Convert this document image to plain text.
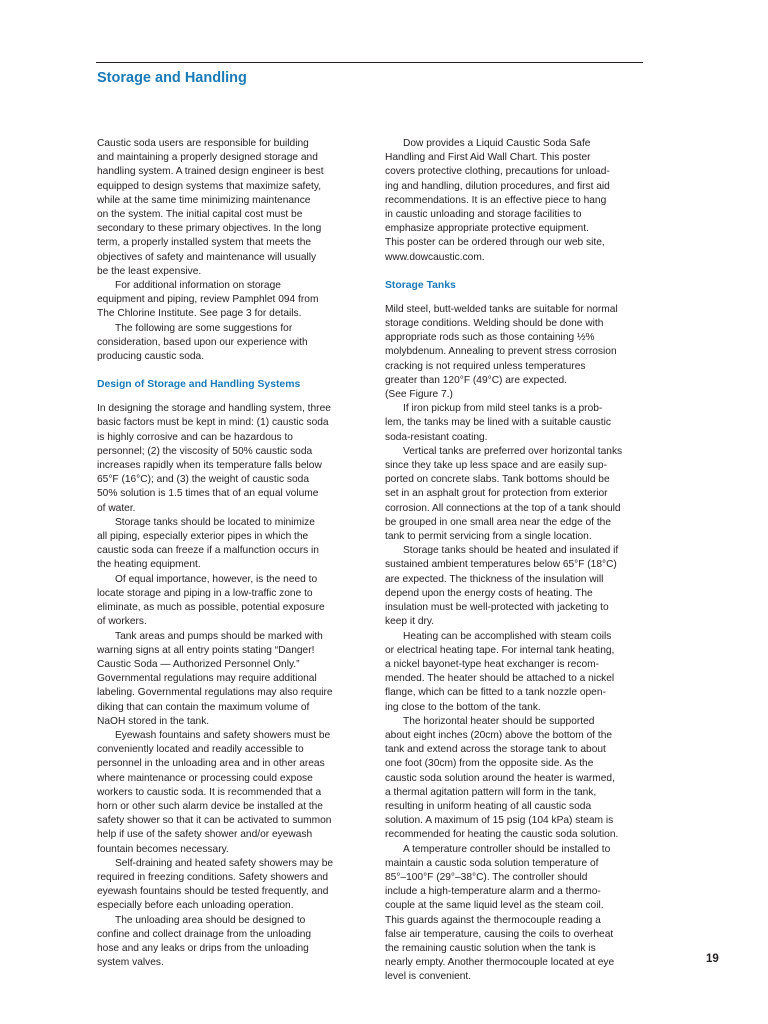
Storage and Handling

Caustic soda users are responsible for building
and maintaining a properly designed storage and
handling system. A trained design engineer is best
equipped to design systems that maximize safety,
while at the same time minimizing maintenance
on the system. The initial capital cost must be
secondary to these primary objectives. In the long
term, a properly installed system that meets the
objectives of safety and maintenance will usually
be the least expensive.

For additional information on storage
equipment and piping, review Pamphlet 094 from
The Chlorine Institute. See page 3 for details.

The following are some suggestions for
consideration, based upon our experience with
producing caustic soda.

Design of Storage and Handling Systems

In designing the storage and handling system, three
basic factors must be kept in mind: (1) caustic soda
is highly corrosive and can be hazardous to
personnel; (2) the viscosity of 50% caustic soda
increases rapidly when its temperature falls below
65°F (16°C); and (3) the weight of caustic soda
50% solution is 1.5 times that of an equal volume
of water.

Storage tanks should be located to minimize
all piping, especially exterior pipes in which the
caustic soda can freeze if a malfunction occurs in
the heating equipment.

Of equal importance, however, is the need to
locate storage and piping in a low-traffic zone to
eliminate, as much as possible, potential exposure
of workers.

Tank areas and pumps should be marked with
warning signs at all entry points stating “Danger!
Caustic Soda — Authorized Personnel Only.”
Governmental regulations may require additional
labeling. Governmental regulations may also require
diking that can contain the maximum volume of
NaOH stored in the tank.

Eyewash fountains and safety showers must be
conveniently located and readily accessible to
personnel in the unloading area and in other areas
where maintenance or processing could expose
workers to caustic soda. It is recommended that a
horn or other such alarm device be installed at the
safety shower so that it can be activated to summon
help if use of the safety shower and/or eyewash
fountain becomes necessary.

Self-draining and heated safety showers may be
required in freezing conditions. Safety showers and
eyewash fountains should be tested frequently, and
especially before each unloading operation.

The unloading area should be designed to
confine and collect drainage from the unloading
hose and any leaks or drips from the unloading
system valves.

Dow provides a Liquid Caustic Soda Safe
Handling and First Aid Wall Chart. This poster
covers protective clothing, precautions for unload-
ing and handling, dilution procedures, and first aid
recommendations. It is an effective piece to hang
in caustic unloading and storage facilities to
emphasize appropriate protective equipment.
This poster can be ordered through our web site,
www.dowcaustic.com.

Storage Tanks

Mild steel, butt-welded tanks are suitable for normal
storage conditions. Welding should be done with
appropriate rods such as those containing ½%
molybdenum. Annealing to prevent stress corrosion
cracking is not required unless temperatures
greater than 120°F (49°C) are expected.
(See Figure 7.)

If iron pickup from mild steel tanks is a prob-
lem, the tanks may be lined with a suitable caustic
soda-resistant coating.

Vertical tanks are preferred over horizontal tanks
since they take up less space and are easily sup-
ported on concrete slabs. Tank bottoms should be
set in an asphalt grout for protection from exterior
corrosion. All connections at the top of a tank should
be grouped in one small area near the edge of the
tank to permit servicing from a single location.

Storage tanks should be heated and insulated if
sustained ambient temperatures below 65°F (18°C)
are expected. The thickness of the insulation will
depend upon the energy costs of heating. The
insulation must be well-protected with jacketing to
keep it dry.

Heating can be accomplished with steam coils
or electrical heating tape. For internal tank heating,
a nickel bayonet-type heat exchanger is recom-
mended. The heater should be attached to a nickel
flange, which can be fitted to a tank nozzle open-
ing close to the bottom of the tank.

The horizontal heater should be supported
about eight inches (20cm) above the bottom of the
tank and extend across the storage tank to about
one foot (30cm) from the opposite side. As the
caustic soda solution around the heater is warmed,
a thermal agitation pattern will form in the tank,
resulting in uniform heating of all caustic soda
solution. A maximum of 15 psig (104 kPa) steam is
recommended for heating the caustic soda solution.

A temperature controller should be installed to
maintain a caustic soda solution temperature of
85°–100°F (29°–38°C). The controller should
include a high-temperature alarm and a thermo-
couple at the same liquid level as the steam coil.
This guards against the thermocouple reading a
false air temperature, causing the coils to overheat
the remaining caustic solution when the tank is
nearly empty. Another thermocouple located at eye
level is convenient.

19
